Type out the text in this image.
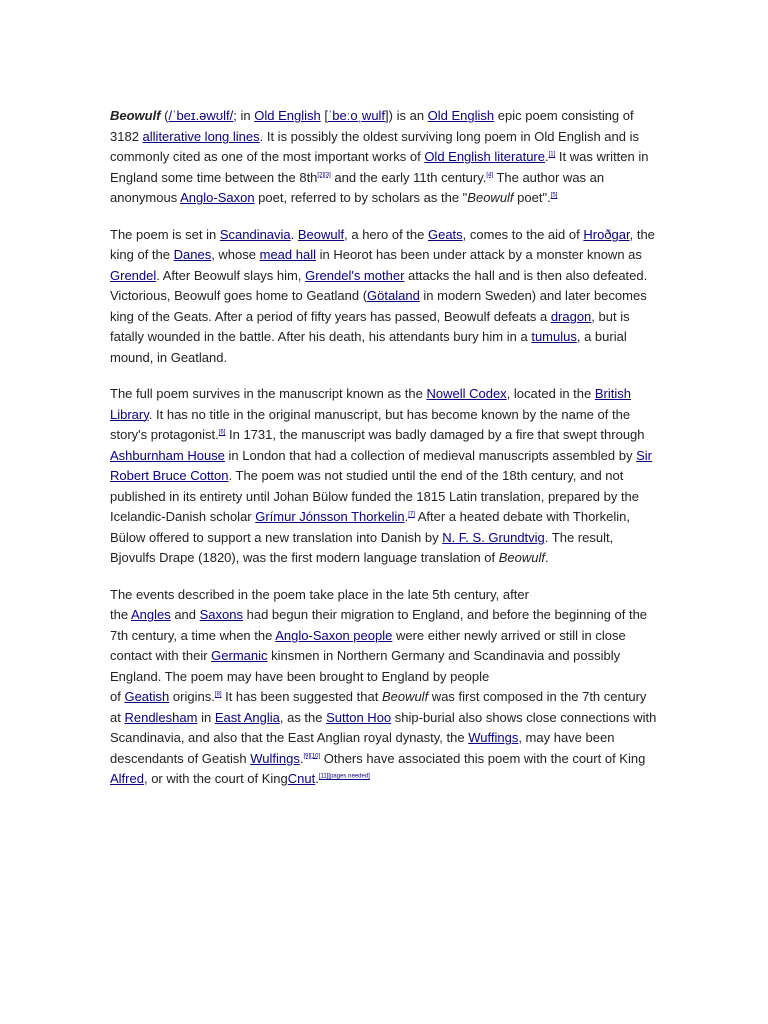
Beowulf (/ˈbeɪ.əwʊlf/; in Old English [ˈbeːoˌwulf]) is an Old English epic poem consisting of 3182 alliterative long lines. It is possibly the oldest surviving long poem in Old English and is commonly cited as one of the most important works of Old English literature.[1] It was written in England some time between the 8th[2][3] and the early 11th century.[4] The author was an anonymous Anglo-Saxon poet, referred to by scholars as the "Beowulf poet".[5]

The poem is set in Scandinavia. Beowulf, a hero of the Geats, comes to the aid of Hroðgar, the king of the Danes, whose mead hall in Heorot has been under attack by a monster known as Grendel. After Beowulf slays him, Grendel's mother attacks the hall and is then also defeated. Victorious, Beowulf goes home to Geatland (Götaland in modern Sweden) and later becomes king of the Geats. After a period of fifty years has passed, Beowulf defeats a dragon, but is fatally wounded in the battle. After his death, his attendants bury him in a tumulus, a burial mound, in Geatland.

The full poem survives in the manuscript known as the Nowell Codex, located in the British Library. It has no title in the original manuscript, but has become known by the name of the story's protagonist.[6] In 1731, the manuscript was badly damaged by a fire that swept through Ashburnham House in London that had a collection of medieval manuscripts assembled by Sir Robert Bruce Cotton. The poem was not studied until the end of the 18th century, and not published in its entirety until Johan Bülow funded the 1815 Latin translation, prepared by the Icelandic-Danish scholar Grímur Jónsson Thorkelin.[7] After a heated debate with Thorkelin, Bülow offered to support a new translation into Danish by N. F. S. Grundtvig. The result, Bjovulfs Drape (1820), was the first modern language translation of Beowulf.

The events described in the poem take place in the late 5th century, after
the Angles and Saxons had begun their migration to England, and before the beginning of the 7th century, a time when the Anglo-Saxon people were either newly arrived or still in close contact with their Germanic kinsmen in Northern Germany and Scandinavia and possibly England. The poem may have been brought to England by people
of Geatish origins.[8] It has been suggested that Beowulf was first composed in the 7th century at Rendlesham in East Anglia, as the Sutton Hoo ship-burial also shows close connections with Scandinavia, and also that the East Anglian royal dynasty, the Wuffings, may have been descendants of Geatish Wulfings.[9][10] Others have associated this poem with the court of King Alfred, or with the court of KingCnut.[11][pages needed]
